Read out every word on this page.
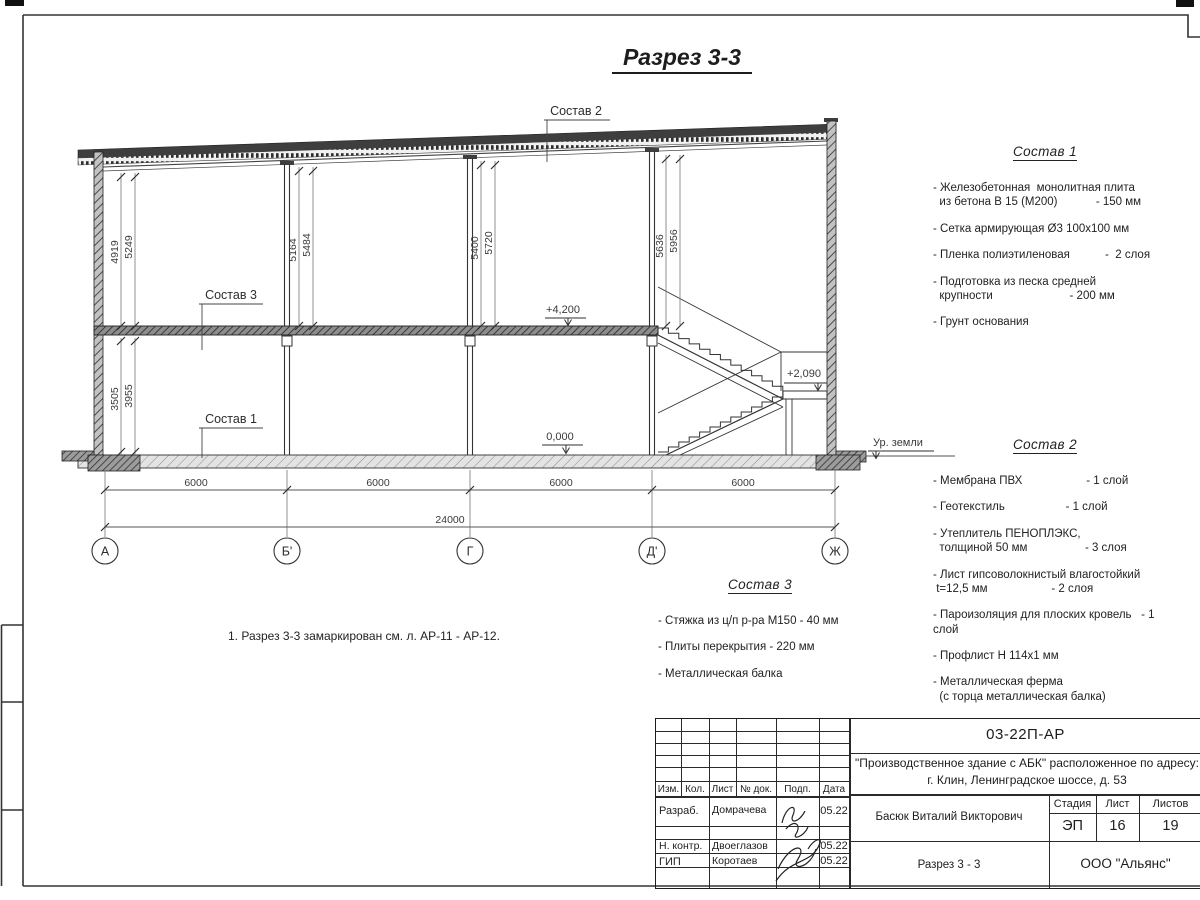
4919 5249	5164 5484	5400 5720	5636 5956
3505 3955
+4,200
0,000
+2,090
Ур. земли
Состав 2
Состав 3
Состав 1
6000	6000	6000	6000
24000
А	Б'	Г	Д'	Ж
Разрез 3-3
Состав 1
- Железобетонная  монолитная плита
из бетона В 15 (М200)            - 150 мм
- Сетка армирующая Ø3 100х100 мм
- Пленка полиэтиленовая           -  2 слоя
- Подготовка из песка средней
крупности                        - 200 мм
- Грунт основания
Состав 2
- Мембрана ПВХ                    - 1 слой
- Геотекстиль                   - 1 слой
- Утеплитель ПЕНОПЛЭКС,
толщиной 50 мм                  - 3 слоя
- Лист гипсоволокнистый влагостойкий
t=12,5 мм                    - 2 слоя
- Пароизоляция для плоских кровель   - 1 слой
- Профлист Н 114х1 мм
- Металлическая ферма
(с торца металлическая балка)
Состав 3
- Стяжка из ц/п р-ра М150 - 40 мм
- Плиты перекрытия - 220 мм
- Металлическая балка
1. Разрез 3-3 замаркирован см. л. АР-11 - АР-12.
Изм. Кол. Лист № док.	Подп.	Дата
Разраб.	Домрачева	05.22
Н. контр. Двоеглазов	05.22
ГИП	Коротаев	05.22
03-22П-АР
"Производственное здание с АБК" расположенное по адресу:
г. Клин, Ленинградское шоссе, д. 53
Басюк Виталий Викторович
Стадия	Лист	Листов
ЭП	16	19
Разрез 3 - 3	ООО "Альянс"
